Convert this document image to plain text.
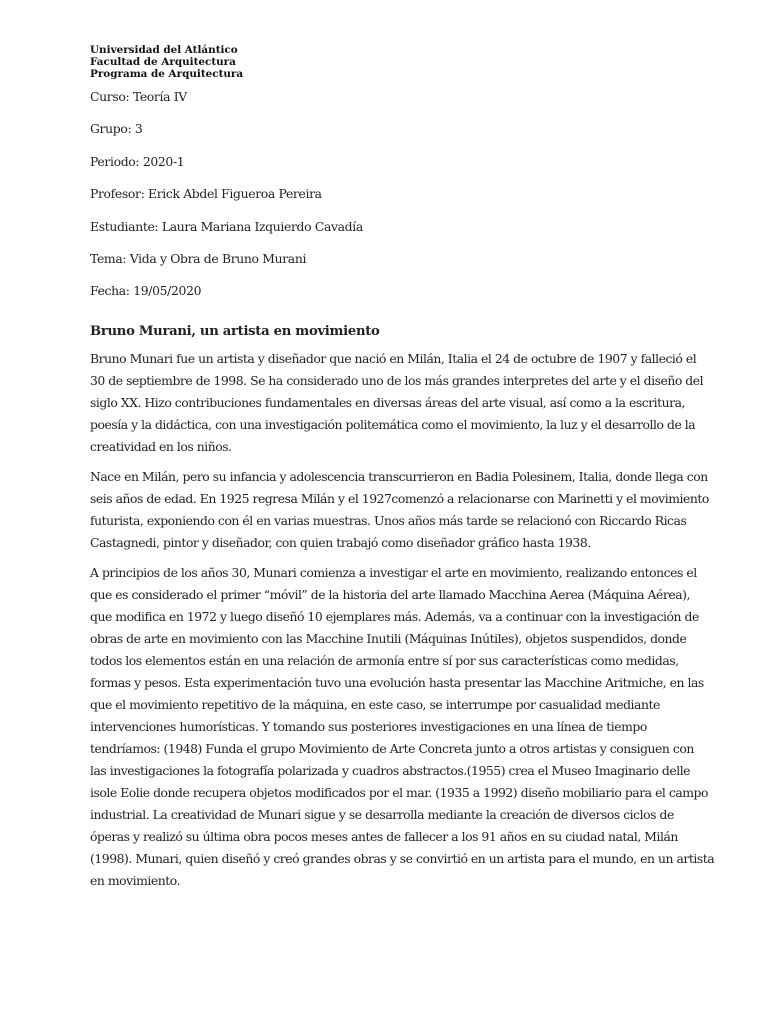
Universidad del Atlántico
Facultad de Arquitectura
Programa de Arquitectura
Curso: Teoría IV
Grupo: 3
Periodo: 2020-1
Profesor: Erick Abdel Figueroa Pereira
Estudiante: Laura Mariana Izquierdo Cavadía
Tema: Vida y Obra de Bruno Murani
Fecha: 19/05/2020
Bruno Murani, un artista en movimiento
Bruno Munari fue un artista y diseñador que nació en Milán, Italia el 24 de octubre de 1907 y falleció el
30 de septiembre de 1998. Se ha considerado uno de los más grandes interpretes del arte y el diseño del
siglo XX. Hizo contribuciones fundamentales en diversas áreas del arte visual, así como a la escritura,
poesía y la didáctica, con una investigación politemática como el movimiento, la luz y el desarrollo de la
creatividad en los niños.
Nace en Milán, pero su infancia y adolescencia transcurrieron en Badia Polesinem, Italia, donde llega con
seis años de edad. En 1925 regresa Milán y el 1927comenzó a relacionarse con Marinetti y el movimiento
futurista, exponiendo con él en varias muestras. Unos años más tarde se relacionó con Riccardo Ricas
Castagnedi, pintor y diseñador, con quien trabajó como diseñador gráfico hasta 1938.
A principios de los años 30, Munari comienza a investigar el arte en movimiento, realizando entonces el
que es considerado el primer “móvil” de la historia del arte llamado Macchina Aerea (Máquina Aérea),
que modifica en 1972 y luego diseñó 10 ejemplares más. Además, va a continuar con la investigación de
obras de arte en movimiento con las Macchine Inutili (Máquinas Inútiles), objetos suspendidos, donde
todos los elementos están en una relación de armonía entre sí por sus características como medidas,
formas y pesos. Esta experimentación tuvo una evolución hasta presentar las Macchine Aritmiche, en las
que el movimiento repetitivo de la máquina, en este caso, se interrumpe por casualidad mediante
intervenciones humorísticas. Y tomando sus posteriores investigaciones en una línea de tiempo
tendríamos: (1948) Funda el grupo Movimiento de Arte Concreta junto a otros artistas y consiguen con
las investigaciones la fotografía polarizada y cuadros abstractos.(1955) crea el Museo Imaginario delle
isole Eolie donde recupera objetos modificados por el mar. (1935 a 1992) diseño mobiliario para el campo
industrial. La creatividad de Munari sigue y se desarrolla mediante la creación de diversos ciclos de
óperas y realizó su última obra pocos meses antes de fallecer a los 91 años en su ciudad natal, Milán
(1998). Munari, quien diseñó y creó grandes obras y se convirtió en un artista para el mundo, en un artista
en movimiento.
